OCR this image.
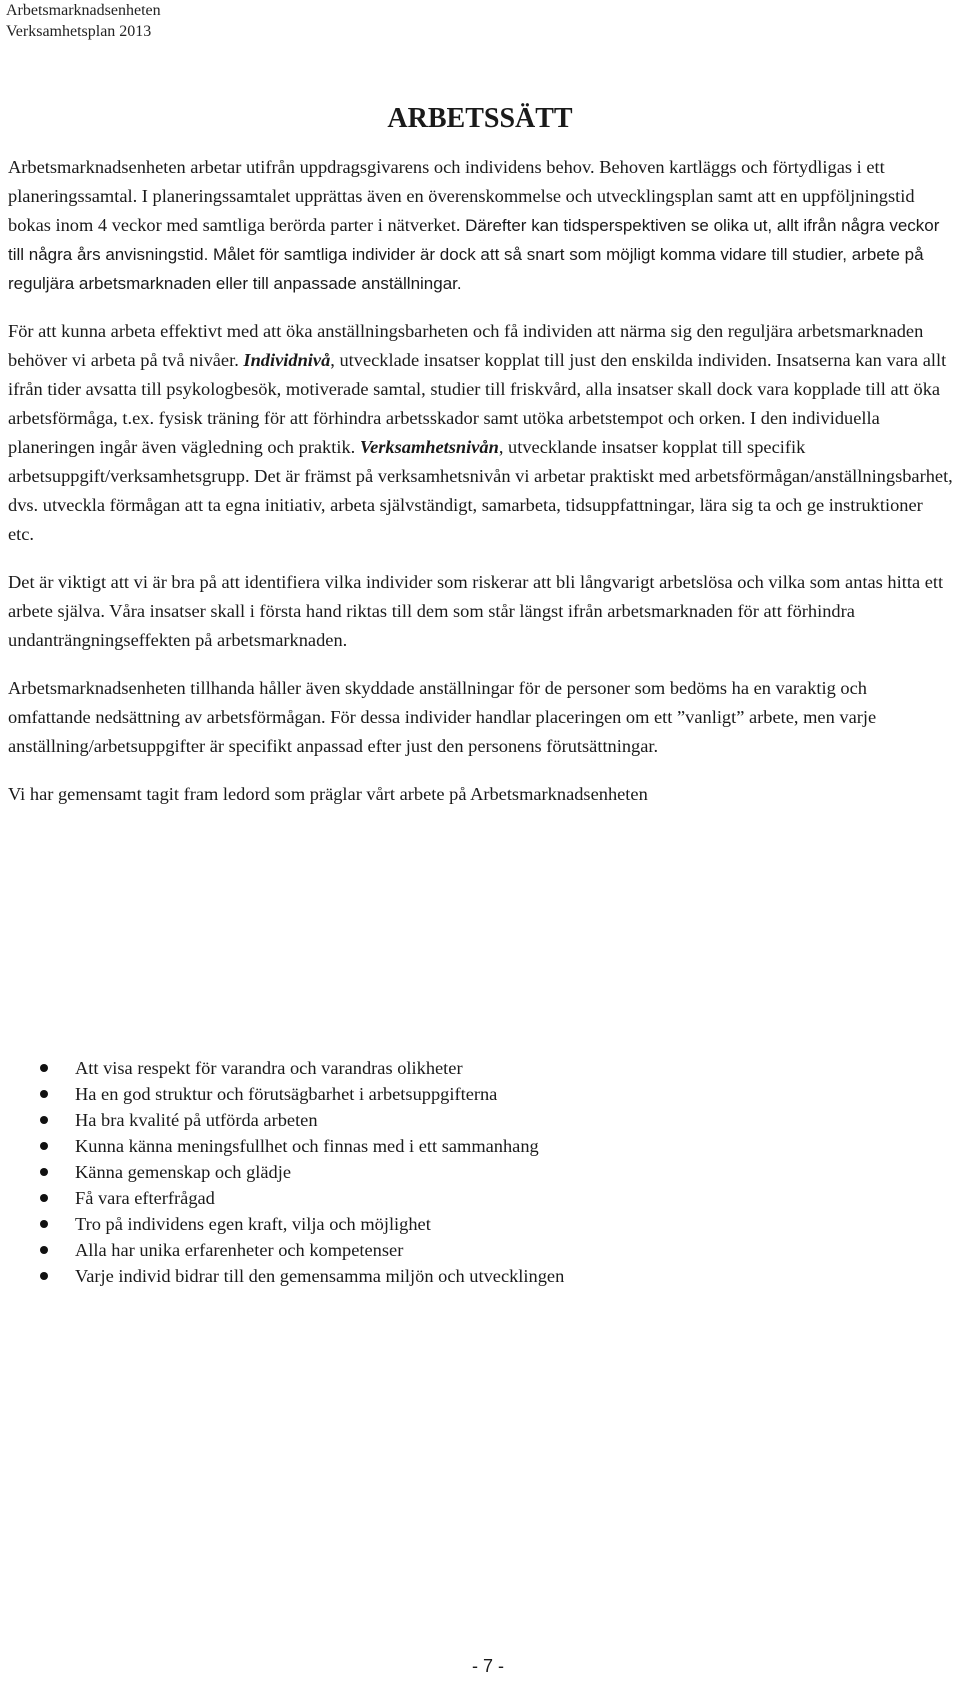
Arbetsmarknadsenheten
Verksamhetsplan 2013
ARBETSSÄTT

Arbetsmarknadsenheten arbetar utifrån uppdragsgivarens och individens behov. Behoven kartläggs och förtydligas i ett planeringssamtal. I planeringssamtalet upprättas även en överenskommelse och utvecklingsplan samt att en uppföljningstid bokas inom 4 veckor med samtliga berörda parter i nätverket. Därefter kan tidsperspektiven se olika ut, allt ifrån några veckor till några års anvisningstid. Målet för samtliga individer är dock att så snart som möjligt komma vidare till studier, arbete på reguljära arbetsmarknaden eller till anpassade anställningar.

För att kunna arbeta effektivt med att öka anställningsbarheten och få individen att närma sig den reguljära arbetsmarknaden behöver vi arbeta på två nivåer. Individnivå, utvecklade insatser kopplat till just den enskilda individen. Insatserna kan vara allt ifrån tider avsatta till psykologbesök, motiverade samtal, studier till friskvård, alla insatser skall dock vara kopplade till att öka arbetsförmåga, t.ex. fysisk träning för att förhindra arbetsskador samt utöka arbetstempot och orken. I den individuella planeringen ingår även vägledning och praktik. Verksamhetsnivån, utvecklande insatser kopplat till specifik arbetsuppgift/verksamhetsgrupp. Det är främst på verksamhetsnivån vi arbetar praktiskt med arbetsförmågan/anställningsbarhet, dvs. utveckla förmågan att ta egna initiativ, arbeta självständigt, samarbeta, tidsuppfattningar, lära sig ta och ge instruktioner etc.

Det är viktigt att vi är bra på att identifiera vilka individer som riskerar att bli långvarigt arbetslösa och vilka som antas hitta ett arbete själva. Våra insatser skall i första hand riktas till dem som står längst ifrån arbetsmarknaden för att förhindra undanträngningseffekten på arbetsmarknaden.

Arbetsmarknadsenheten tillhanda håller även skyddade anställningar för de personer som bedöms ha en varaktig och omfattande nedsättning av arbetsförmågan. För dessa individer handlar placeringen om ett ”vanligt” arbete, men varje anställning/arbetsuppgifter är specifikt anpassad efter just den personens förutsättningar.

Vi har gemensamt tagit fram ledord som präglar vårt arbete på Arbetsmarknadsenheten

Att visa respekt för varandra och varandras olikheter
Ha en god struktur och förutsägbarhet i arbetsuppgifterna
Ha bra kvalité på utförda arbeten
Kunna känna meningsfullhet och finnas med i ett sammanhang
Känna gemenskap och glädje
Få vara efterfrågad
Tro på individens egen kraft, vilja och möjlighet
Alla har unika erfarenheter och kompetenser
Varje individ bidrar till den gemensamma miljön och utvecklingen
- 7 -
